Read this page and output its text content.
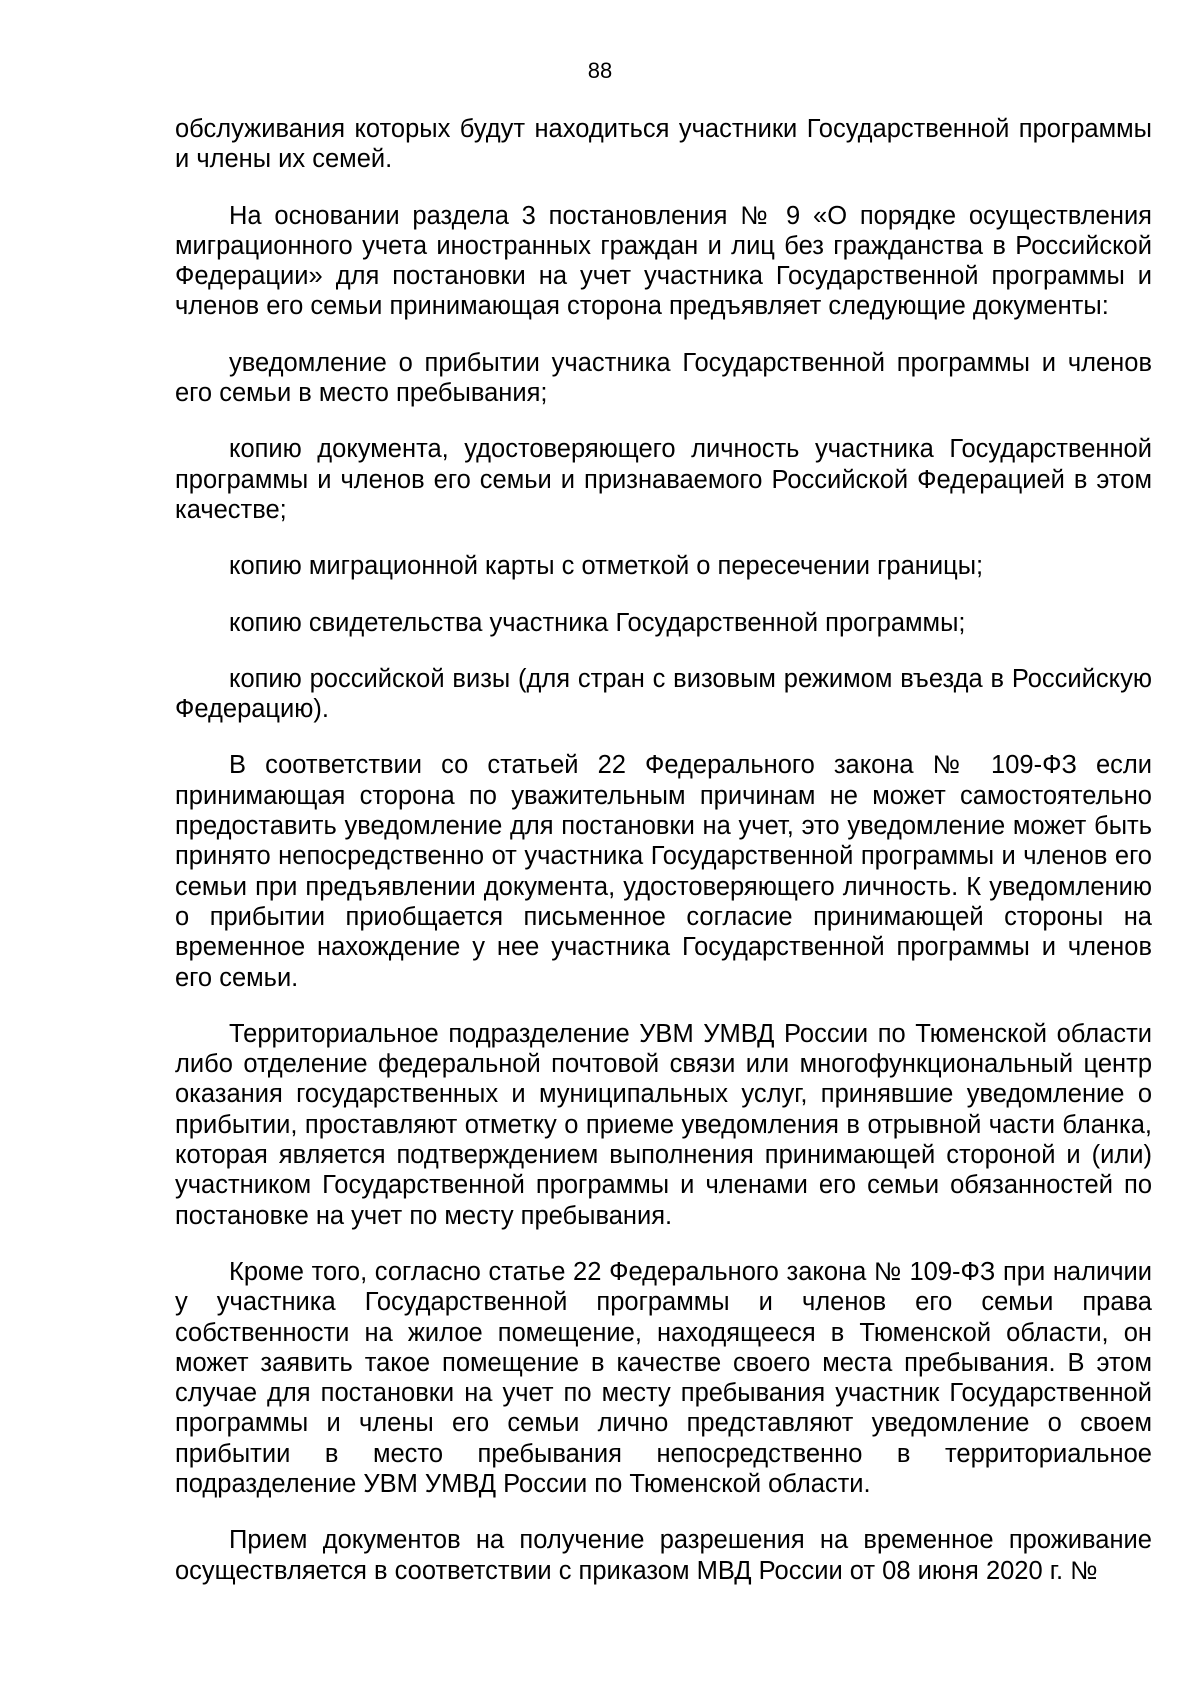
88

обслуживания которых будут находиться участники Государственной программы и члены их семей.

На основании раздела 3 постановления № 9 «О порядке осуществления миграционного учета иностранных граждан и лиц без гражданства в Российской Федерации» для постановки на учет участника Государственной программы и членов его семьи принимающая сторона предъявляет следующие документы:

уведомление о прибытии участника Государственной программы и членов его семьи в место пребывания;

копию документа, удостоверяющего личность участника Государственной программы и членов его семьи и признаваемого Российской Федерацией в этом качестве;

копию миграционной карты с отметкой о пересечении границы;

копию свидетельства участника Государственной программы;

копию российской визы (для стран с визовым режимом въезда в Российскую Федерацию).

В соответствии со статьей 22 Федерального закона № 109-ФЗ если принимающая сторона по уважительным причинам не может самостоятельно предоставить уведомление для постановки на учет, это уведомление может быть принято непосредственно от участника Государственной программы и членов его семьи при предъявлении документа, удостоверяющего личность. К уведомлению о прибытии приобщается письменное согласие принимающей стороны на временное нахождение у нее участника Государственной программы и членов его семьи.

Территориальное подразделение УВМ УМВД России по Тюменской области либо отделение федеральной почтовой связи или многофункциональный центр оказания государственных и муниципальных услуг, принявшие уведомление о прибытии, проставляют отметку о приеме уведомления в отрывной части бланка, которая является подтверждением выполнения принимающей стороной и (или) участником Государственной программы и членами его семьи обязанностей по постановке на учет по месту пребывания.

Кроме того, согласно статье 22 Федерального закона № 109-ФЗ при наличии у участника Государственной программы и членов его семьи права собственности на жилое помещение, находящееся в Тюменской области, он может заявить такое помещение в качестве своего места пребывания. В этом случае для постановки на учет по месту пребывания участник Государственной программы и члены его семьи лично представляют уведомление о своем прибытии в место пребывания непосредственно в территориальное подразделение УВМ УМВД России по Тюменской области.

Прием документов на получение разрешения на временное проживание осуществляется в соответствии с приказом МВД России от 08 июня 2020 г. №
